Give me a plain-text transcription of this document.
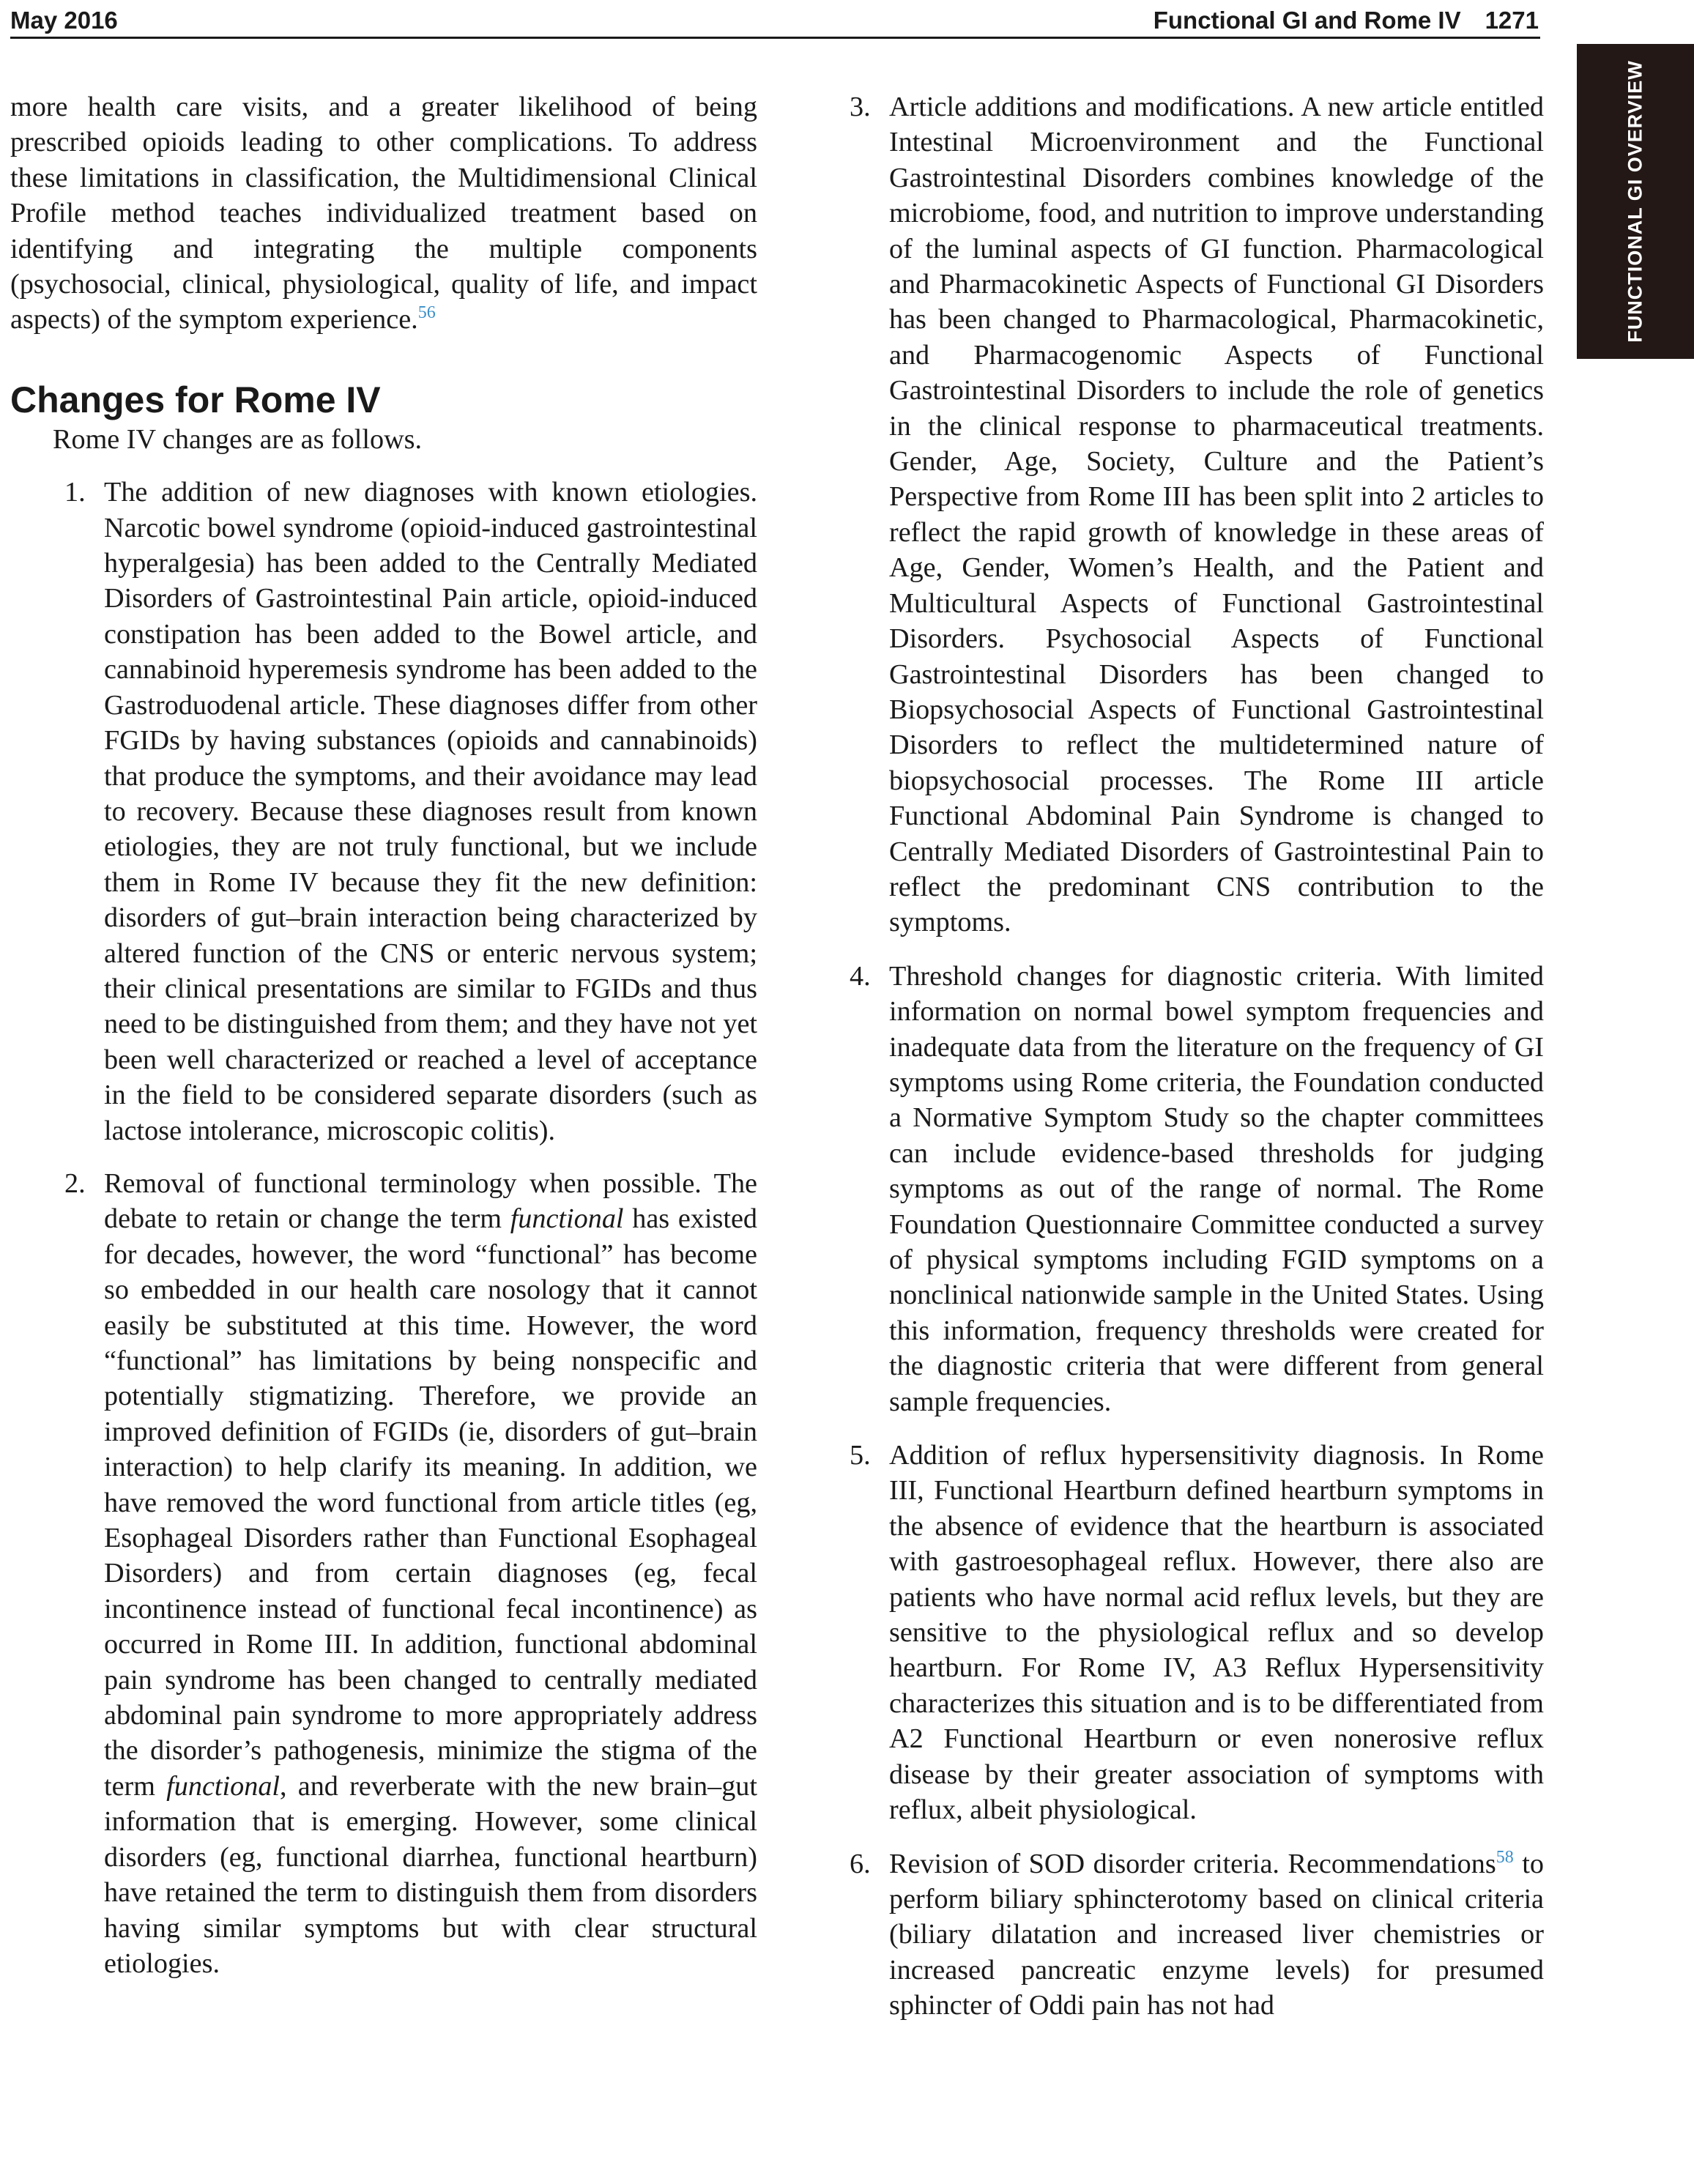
May 2016	Functional GI and Rome IV  1271
FUNCTIONAL GI OVERVIEW

more health care visits, and a greater likelihood of being prescribed opioids leading to other complications. To address these limitations in classification, the Multidimensional Clinical Profile method teaches individualized treatment based on identifying and integrating the multiple components (psychosocial, clinical, physiological, quality of life, and impact aspects) of the symptom experience.$^{56}$

Changes for Rome IV

Rome IV changes are as follows.

1. The addition of new diagnoses with known etiologies. Narcotic bowel syndrome (opioid-induced gastrointestinal hyperalgesia) has been added to the Centrally Mediated Disorders of Gastrointestinal Pain article, opioid-induced constipation has been added to the Bowel article, and cannabinoid hyperemesis syndrome has been added to the Gastroduodenal article. These diagnoses differ from other FGIDs by having substances (opioids and cannabinoids) that produce the symptoms, and their avoidance may lead to recovery. Because these diagnoses result from known etiologies, they are not truly functional, but we include them in Rome IV because they fit the new definition: disorders of gut–brain interaction being characterized by altered function of the CNS or enteric nervous system; their clinical presentations are similar to FGIDs and thus need to be distinguished from them; and they have not yet been well characterized or reached a level of acceptance in the field to be considered separate disorders (such as lactose intolerance, microscopic colitis).
2. Removal of functional terminology when possible. The debate to retain or change the term functional has existed for decades, however, the word “functional” has become so embedded in our health care nosology that it cannot easily be substituted at this time. However, the word “functional” has limitations by being nonspecific and potentially stigmatizing. Therefore, we provide an improved definition of FGIDs (ie, disorders of gut–brain interaction) to help clarify its meaning. In addition, we have removed the word functional from article titles (eg, Esophageal Disorders rather than Functional Esophageal Disorders) and from certain diagnoses (eg, fecal incontinence instead of functional fecal incontinence) as occurred in Rome III. In addition, functional abdominal pain syndrome has been changed to centrally mediated abdominal pain syndrome to more appropriately address the disorder’s pathogenesis, minimize the stigma of the term functional, and reverberate with the new brain–gut information that is emerging. However, some clinical disorders (eg, functional diarrhea, functional heartburn) have retained the term to distinguish them from disorders having similar symptoms but with clear structural etiologies.
3. Article additions and modifications. A new article entitled Intestinal Microenvironment and the Functional Gastrointestinal Disorders combines knowledge of the microbiome, food, and nutrition to improve understanding of the luminal aspects of GI function. Pharmacological and Pharmacokinetic Aspects of Functional GI Disorders has been changed to Pharmacological, Pharmacokinetic, and Pharmacogenomic Aspects of Functional Gastrointestinal Disorders to include the role of genetics in the clinical response to pharmaceutical treatments. Gender, Age, Society, Culture and the Patient’s Perspective from Rome III has been split into 2 articles to reflect the rapid growth of knowledge in these areas of Age, Gender, Women’s Health, and the Patient and Multicultural Aspects of Functional Gastrointestinal Disorders. Psychosocial Aspects of Functional Gastrointestinal Disorders has been changed to Biopsychosocial Aspects of Functional Gastrointestinal Disorders to reflect the multidetermined nature of biopsychosocial processes. The Rome III article Functional Abdominal Pain Syndrome is changed to Centrally Mediated Disorders of Gastrointestinal Pain to reflect the predominant CNS contribution to the symptoms.
4. Threshold changes for diagnostic criteria. With limited information on normal bowel symptom frequencies and inadequate data from the literature on the frequency of GI symptoms using Rome criteria, the Foundation conducted a Normative Symptom Study so the chapter committees can include evidence-based thresholds for judging symptoms as out of the range of normal. The Rome Foundation Questionnaire Committee conducted a survey of physical symptoms including FGID symptoms on a nonclinical nationwide sample in the United States. Using this information, frequency thresholds were created for the diagnostic criteria that were different from general sample frequencies.
5. Addition of reflux hypersensitivity diagnosis. In Rome III, Functional Heartburn defined heartburn symptoms in the absence of evidence that the heartburn is associated with gastroesophageal reflux. However, there also are patients who have normal acid reflux levels, but they are sensitive to the physiological reflux and so develop heartburn. For Rome IV, A3 Reflux Hypersensitivity characterizes this situation and is to be differentiated from A2 Functional Heartburn or even nonerosive reflux disease by their greater association of symptoms with reflux, albeit physiological.
6. Revision of SOD disorder criteria. Recommendations$^{58}$ to perform biliary sphincterotomy based on clinical criteria (biliary dilatation and increased liver chemistries or increased pancreatic enzyme levels) for presumed sphincter of Oddi pain has not had
